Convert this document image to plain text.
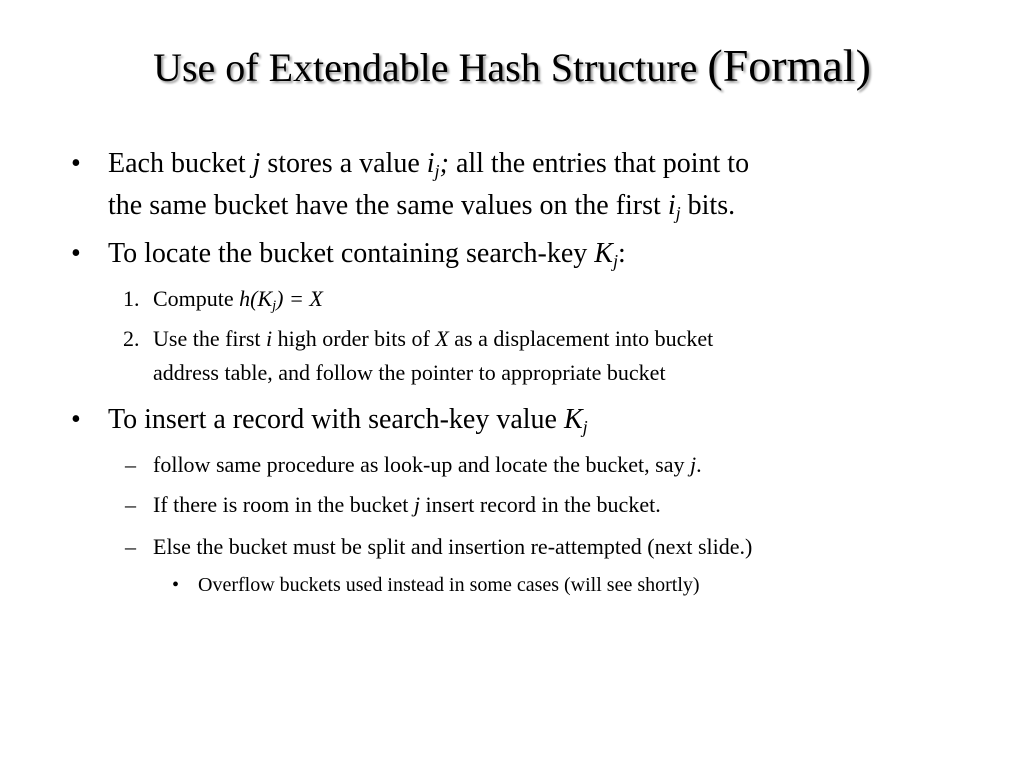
Use of Extendable Hash Structure (Formal)
• Each bucket j stores a value $i_j$; all the entries that point to
the same bucket have the same values on the first $i_j$ bits.
• To locate the bucket containing search-key $K_j$:
1. Compute $h(K_j) = X$
2. Use the first i high order bits of X as a displacement into bucket
address table, and follow the pointer to appropriate bucket
• To insert a record with search-key value $K_j$
– follow same procedure as look-up and locate the bucket, say j.
– If there is room in the bucket j insert record in the bucket.
– Else the bucket must be split and insertion re-attempted (next slide.)
• Overflow buckets used instead in some cases (will see shortly)
